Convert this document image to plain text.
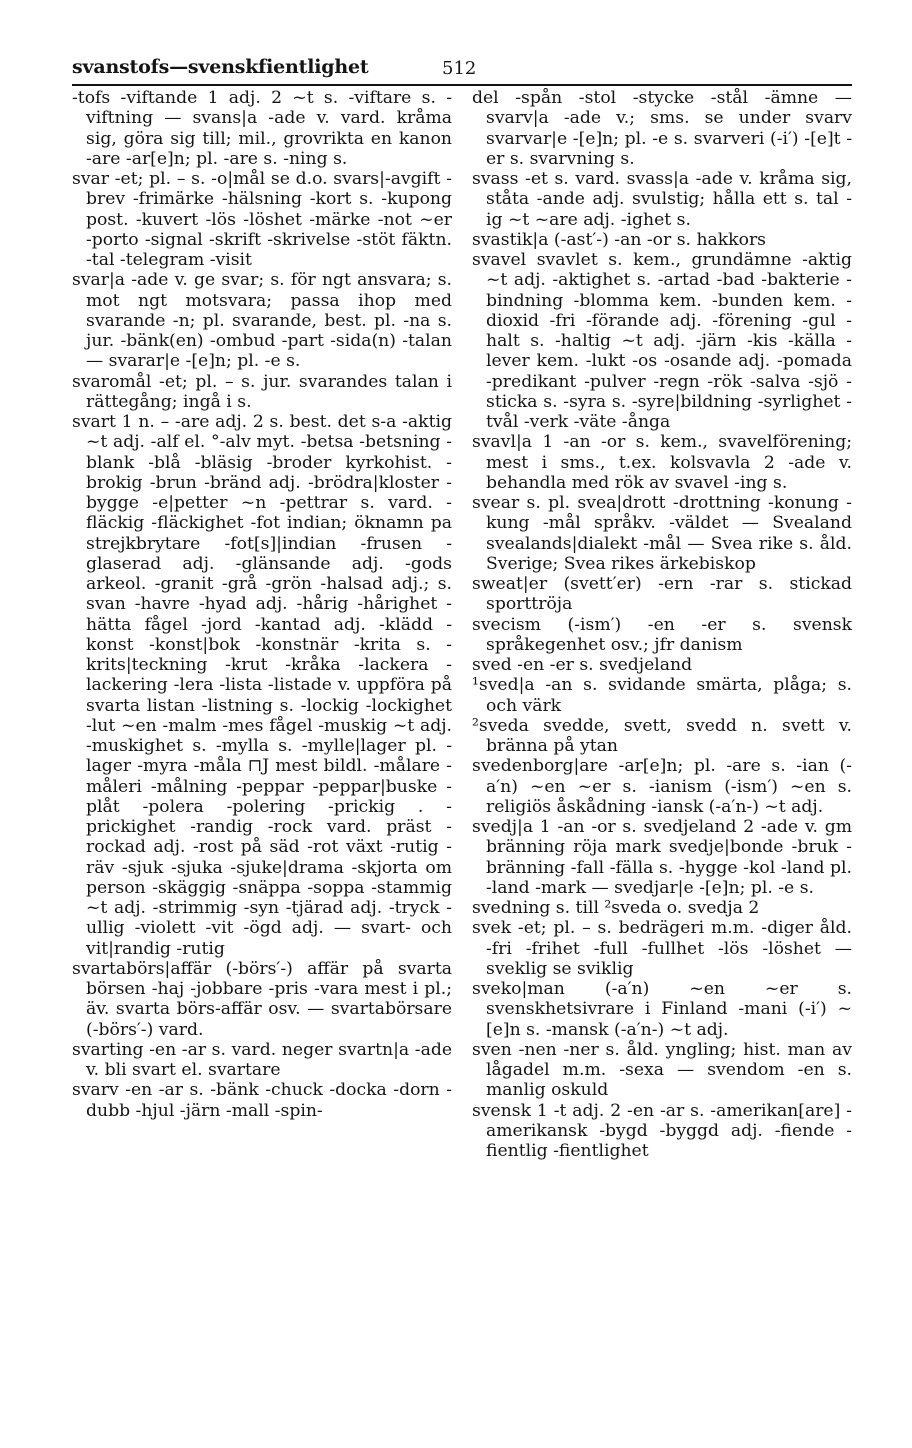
svanstofs—svenskfientlighet	512

-tofs -viftande 1 adj. 2 ~t s. -viftare s. -viftning — svans|a -ade v. vard. kråma sig, göra sig till; mil., grovrikta en kanon -are -ar[e]n; pl. -are s. -ning s.

svar -et; pl. – s. -o|mål se d.o. svars|-avgift -brev -frimärke -hälsning -kort s. -kupong post. -kuvert -lös -löshet -märke -not ~er -porto -signal -skrift -skrivelse -stöt fäktn. -tal -telegram -visit

svar|a -ade v. ge svar; s. för ngt ansvara; s. mot ngt motsvara; passa ihop med svarande -n; pl. svarande, best. pl. -na s. jur. -bänk(en) -ombud -part -sida(n) -talan — svarar|e -[e]n; pl. -e s.

svaromål -et; pl. – s. jur. svarandes talan i rättegång; ingå i s.

svart 1 n. – -are adj. 2 s. best. det s-a -aktig ~t adj. -alf el. °-alv myt. -betsa -betsning -blank -blå -bläsig -broder kyrkohist. -brokig -brun -bränd adj. -brödra|kloster -bygge -e|petter ~n -pettrar s. vard. -fläckig -fläckighet -fot indian; öknamn pa strejkbrytare -fot[s]|indian -frusen -glaserad adj. -glänsande adj. -gods arkeol. -granit -grå -grön -halsad adj.; s. svan -havre -hyad adj. -hårig -hårighet -hätta fågel -jord -kantad adj. -klädd -konst -konst|bok -konstnär -krita s. -krits|teckning -krut -kråka -lackera -lackering -lera -lista -listade v. uppföra på svarta listan -listning s. -lockig -lockighet -lut ~en -malm -mes fågel -muskig ~t adj. -muskighet s. -mylla s. -mylle|lager pl. -lager -myra -måla ⊓J mest bildl. -målare -måleri -målning -peppar -peppar|buske -plåt -polera -polering -prickig . -prickighet -randig -rock vard. präst -rockad adj. -rost på säd -rot växt -rutig -räv -sjuk -sjuka -sjuke|drama -skjorta om person -skäggig -snäppa -soppa -stammig ~t adj. -strimmig -syn -tjärad adj. -tryck -ullig -violett -vit -ögd adj. — svart- och vit|randig -rutig

svartabörs|affär (-börs′-) affär på svarta börsen -haj -jobbare -pris -vara mest i pl.; äv. svarta börs-affär osv. — svartabörsare (-börs′-) vard.

svarting -en -ar s. vard. neger svartn|a -ade v. bli svart el. svartare

svarv -en -ar s. -bänk -chuck -docka -dorn -dubb -hjul -järn -mall -spin-

del -spån -stol -stycke -stål -ämne — svarv|a -ade v.; sms. se under svarv svarvar|e -[e]n; pl. -e s. svarveri (-i′) -[e]t -er s. svarvning s.

svass -et s. vard. svass|a -ade v. kråma sig, ståta -ande adj. svulstig; hålla ett s. tal -ig ~t ~are adj. -ighet s.

svastik|a (-ast′-) -an -or s. hakkors

svavel svavlet s. kem., grundämne -aktig ~t adj. -aktighet s. -artad -bad -bakterie -bindning -blomma kem. -bunden kem. -dioxid -fri -förande adj. -förening -gul -halt s. -haltig ~t adj. -järn -kis -källa -lever kem. -lukt -os -osande adj. -pomada -predikant -pulver -regn -rök -salva -sjö -sticka s. -syra s. -syre|bildning -syrlighet -tvål -verk -väte -ånga

svavl|a 1 -an -or s. kem., svavelförening; mest i sms., t.ex. kolsvavla 2 -ade v. behandla med rök av svavel -ing s.

svear s. pl. svea|drott -drottning -konung -kung -mål språkv. -väldet — Svealand svealands|dialekt -mål — Svea rike s. åld. Sverige; Svea rikes ärkebiskop

sweat|er (svett′er) -ern -rar s. stickad sporttröja

svecism (-ism′) -en -er s. svensk språkegenhet osv.; jfr danism

sved -en -er s. svedjeland

¹sved|a -an s. svidande smärta, plåga; s. och värk

²sveda svedde, svett, svedd n. svett v. bränna på ytan

svedenborg|are -ar[e]n; pl. -are s. -ian (-a′n) ~en ~er s. -ianism (-ism′) ~en s. religiös åskådning -iansk (-a′n-) ~t adj.

svedj|a 1 -an -or s. svedjeland 2 -ade v. gm bränning röja mark svedje|bonde -bruk -bränning -fall -fälla s. -hygge -kol -land pl. -land -mark — svedjar|e -[e]n; pl. -e s.

svedning s. till ²sveda o. svedja 2

svek -et; pl. – s. bedrägeri m.m. -diger åld. -fri -frihet -full -fullhet -lös -löshet — sveklig se sviklig

sveko|man (-a′n) ~en ~er s. svenskhetsivrare i Finland -mani (-i′) ~[e]n s. -mansk (-a′n-) ~t adj.

sven -nen -ner s. åld. yngling; hist. man av lågadel m.m. -sexa — svendom -en s. manlig oskuld

svensk 1 -t adj. 2 -en -ar s. -amerikan[are] -amerikansk -bygd -byggd adj. -fiende -fientlig -fientlighet
